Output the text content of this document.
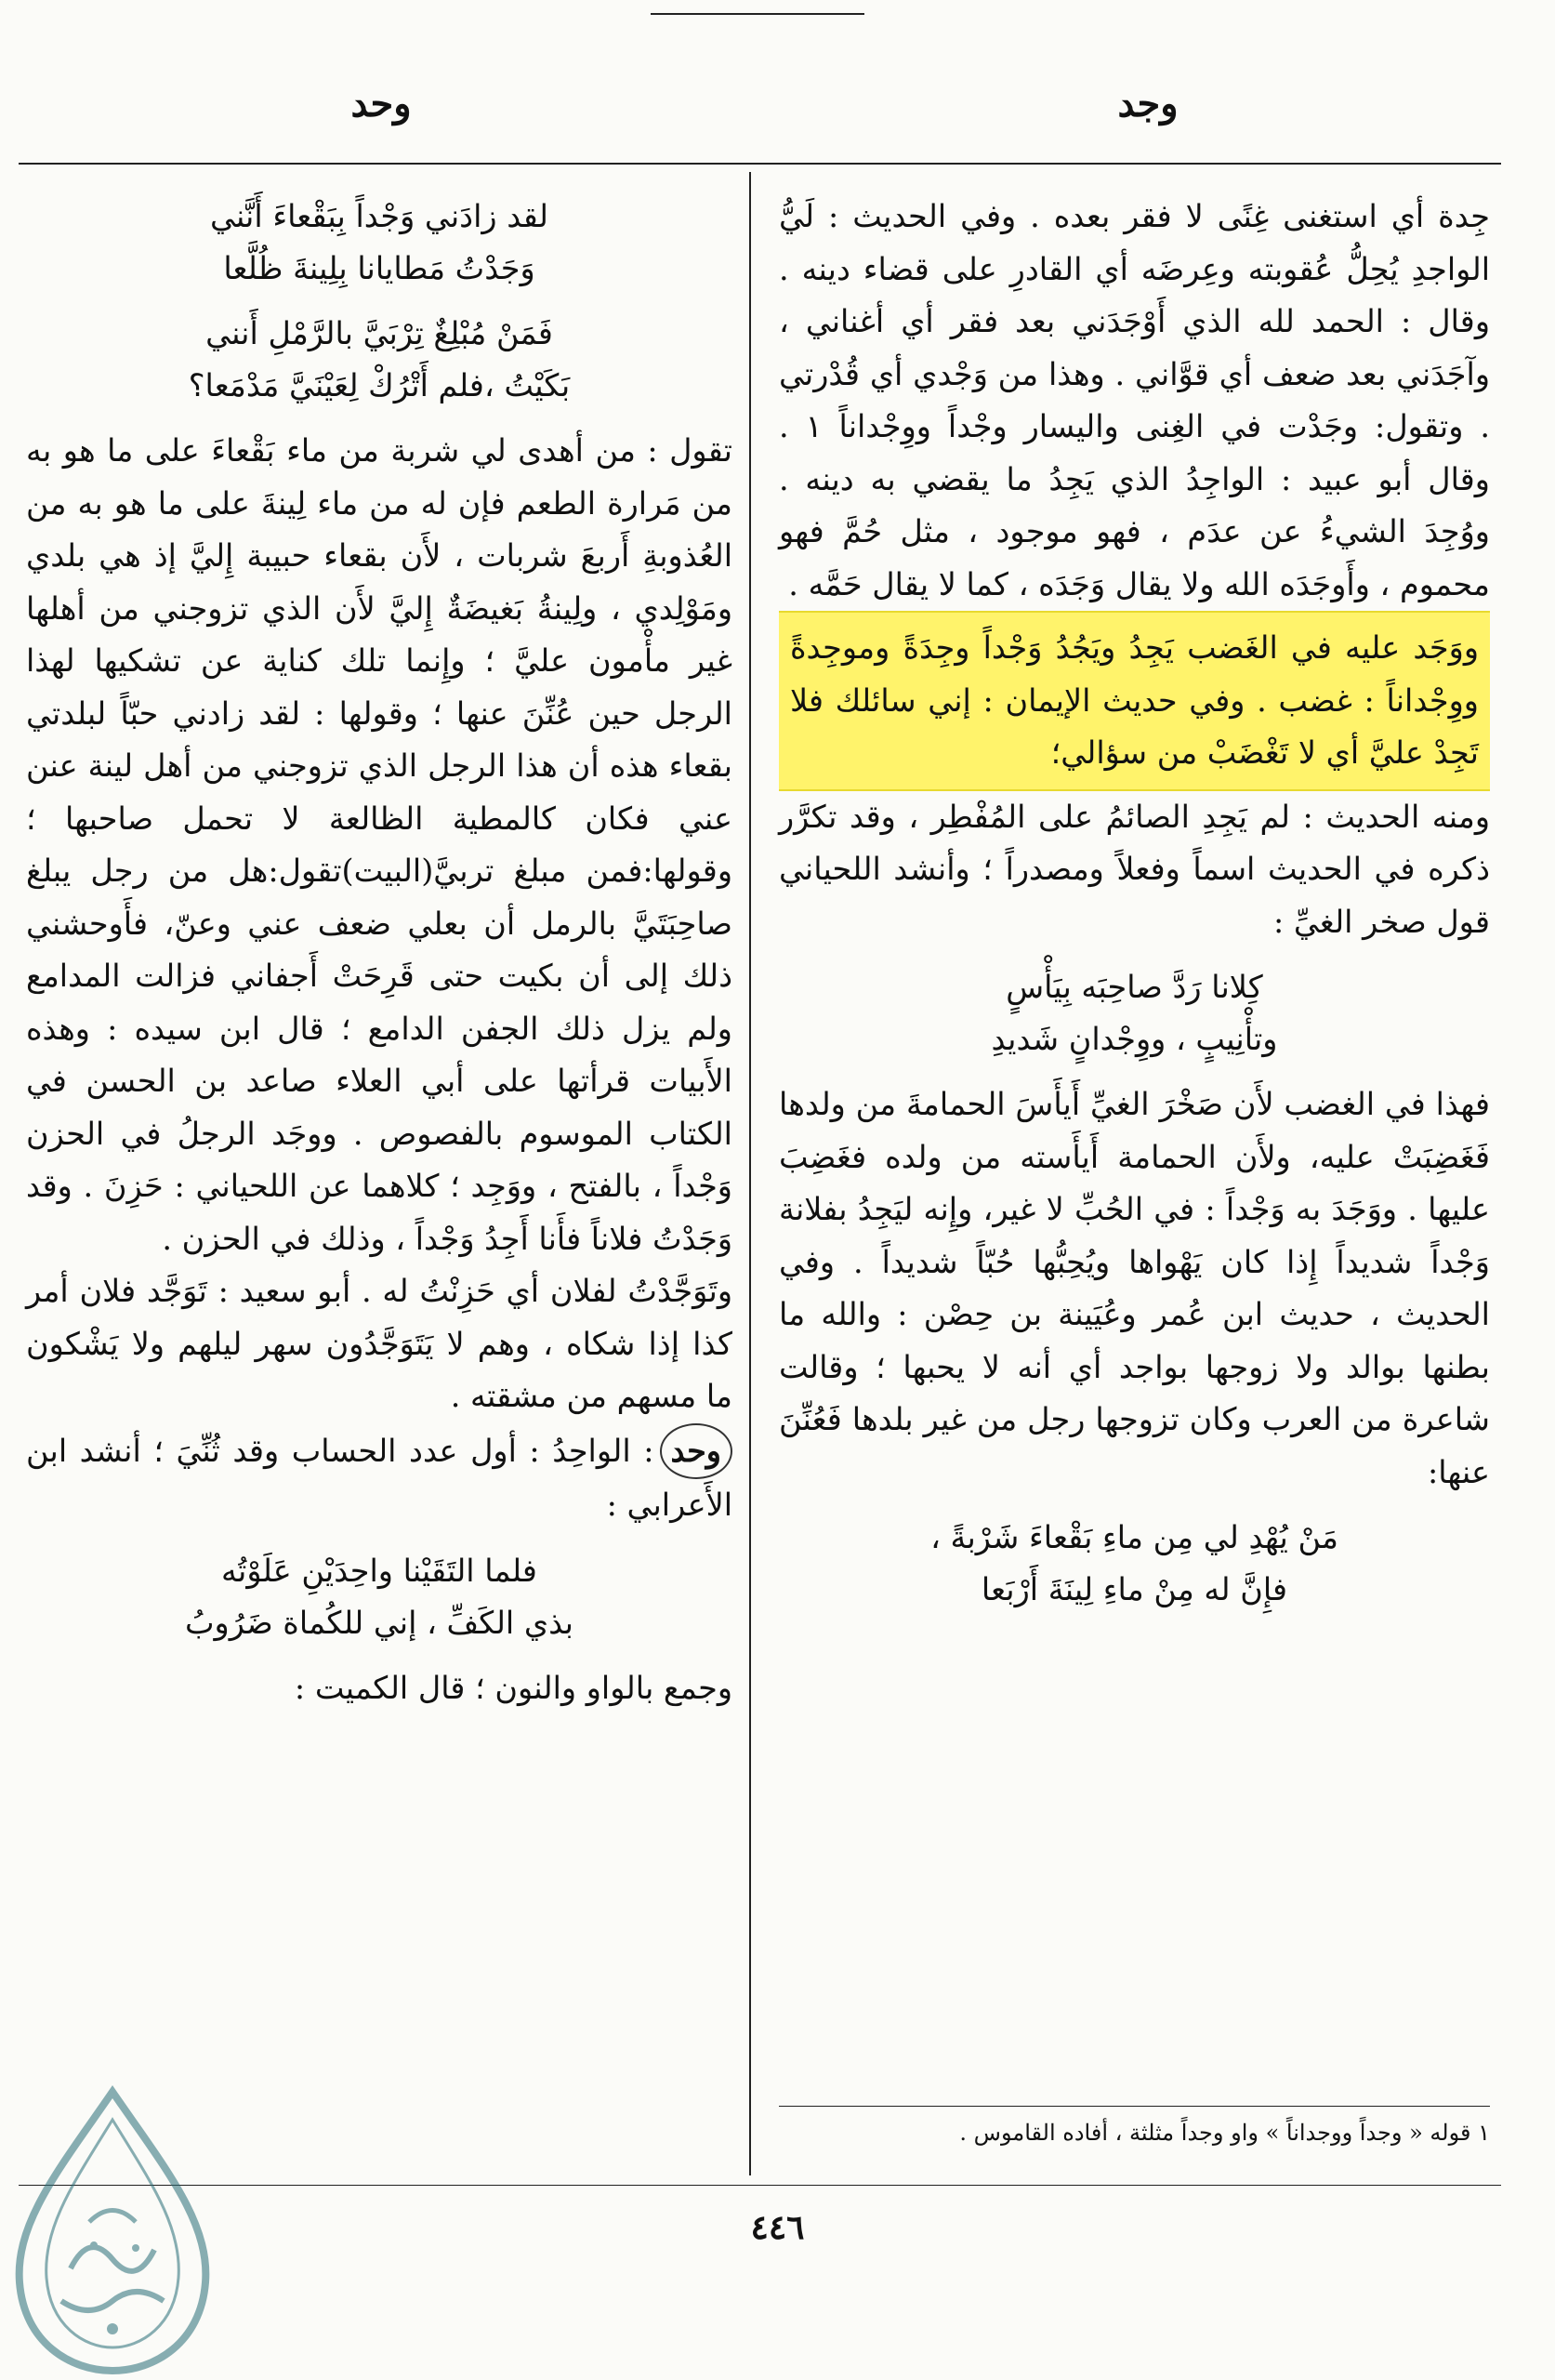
وجد
وحد

جِدة أي استغنى غِنًى لا فقر بعده . وفي الحديث : لَيُّ الواجدِ يُحِلُّ عُقوبته وعِرضَه أي القادرِ على قضاء دينه . وقال : الحمد لله الذي أَوْجَدَني بعد فقر أي أغناني ، وآجَدَني بعد ضعف أي قوَّاني . وهذا من وَجْدي أي قُدْرتي . وتقول: وجَدْت في الغِنى واليسار وجْداً ووِجْداناً ١ . وقال أبو عبيد : الواجِدُ الذي يَجِدُ ما يقضي به دينه . ووُجِدَ الشيءُ عن عدَم ، فهو موجود ، مثل حُمَّ فهو محموم ، وأَوجَدَه الله ولا يقال وَجَدَه ، كما لا يقال حَمَّه .

ووَجَد عليه في الغَضب يَجِدُ ويَجُدُ وَجْداً وجِدَةً وموجِدةً ووِجْداناً : غضب . وفي حديث الإيمان : إني سائلك فلا تَجِدْ عليَّ أي لا تَغْضَبْ من سؤالي؛

ومنه الحديث : لم يَجِدِ الصائمُ على المُفْطِر ، وقد تكرَّر ذكره في الحديث اسماً وفعلاً ومصدراً ؛ وأنشد اللحياني قول صخر الغيِّ :

كِلانا رَدَّ صاحِبَه بِيَأْسٍ
وتأْنِيبٍ ، ووِجْدانٍ شَديدِ

فهذا في الغضب لأَن صَخْرَ الغيِّ أَيأَسَ الحمامةَ من ولدها فَغَضِبَتْ عليه، ولأَن الحمامة أَيأَسته من ولده فغَضِبَ عليها . ووَجَدَ به وَجْداً : في الحُبِّ لا غير، وإِنه ليَجِدُ بفلانة وَجْداً شديداً إِذا كان يَهْواها ويُحِبُّها حُبّاً شديداً . وفي الحديث ، حديث ابن عُمر وعُيَينة بن حِصْن : والله ما بطنها بوالد ولا زوجها بواجد أي أنه لا يحبها ؛ وقالت شاعرة من العرب وكان تزوجها رجل من غير بلدها فَعُنِّنَ عنها:

مَنْ يُهْدِ لي مِن ماءِ بَقْعاءَ شَرْبةً ،
فإِنَّ له مِنْ ماءِ لِينَةَ أَرْبَعا
١ قوله « وجداً ووجداناً » واو وجداً مثلثة ، أفاده القاموس .
لقد زادَني وَجْداً بِبَقْعاءَ أَنَّني
وَجَدْتُ مَطايانا بِلِينةَ ظُلَّعا
فَمَنْ مُبْلِغٌ تِرْبَيَّ بالرَّمْلِ أَنني
بَكَيْتُ ،فلم أَتْرُكْ لِعَيْنَيَّ مَدْمَعا؟

تقول : من أهدى لي شربة من ماء بَقْعاءَ على ما هو به من مَرارة الطعم فإن له من ماء لِينةَ على ما هو به من العُذوبةِ أَربعَ شربات ، لأَن بقعاء حبيبة إِليَّ إذ هي بلدي ومَوْلِدي ، ولِينةُ بَغيضَةٌ إِليَّ لأَن الذي تزوجني من أهلها غير مأْمون عليَّ ؛ وإِنما تلك كناية عن تشكيها لهذا الرجل حين عُنِّنَ عنها ؛ وقولها : لقد زادني حبّاً لبلدتي بقعاء هذه أن هذا الرجل الذي تزوجني من أهل لينة عنن عني فكان كالمطية الظالعة لا تحمل صاحبها ؛ وقولها:فمن مبلغ تربيَّ(البيت)تقول:هل من رجل يبلغ صاحِبَتَيَّ بالرمل أن بعلي ضعف عني وعنّ، فأَوحشني ذلك إلى أن بكيت حتى قَرِحَتْ أَجفاني فزالت المدامع ولم يزل ذلك الجفن الدامع ؛ قال ابن سيده : وهذه الأَبيات قرأتها على أبي العلاء صاعد بن الحسن في الكتاب الموسوم بالفصوص . ووجَد الرجلُ في الحزن وَجْداً ، بالفتح ، ووَجِد ؛ كلاهما عن اللحياني : حَزِنَ . وقد وَجَدْتُ فلاناً فأَنا أَجِدُ وَجْداً ، وذلك في الحزن .

وتَوَجَّدْتُ لفلان أي حَزِنْتُ له . أبو سعيد : تَوَجَّد فلان أمر كذا إذا شكاه ، وهم لا يَتَوَجَّدُون سهر ليلهم ولا يَشْكون ما مسهم من مشقته .

وحد: الواحِدُ : أول عدد الحساب وقد ثُنِّيَ ؛ أنشد ابن الأَعرابي :

فلما التَقَيْنا واحِدَيْنِ عَلَوْتُه
بذي الكَفِّ ، إني للكُماة ضَرُوبُ

وجمع بالواو والنون ؛ قال الكميت :

٤٤٦
